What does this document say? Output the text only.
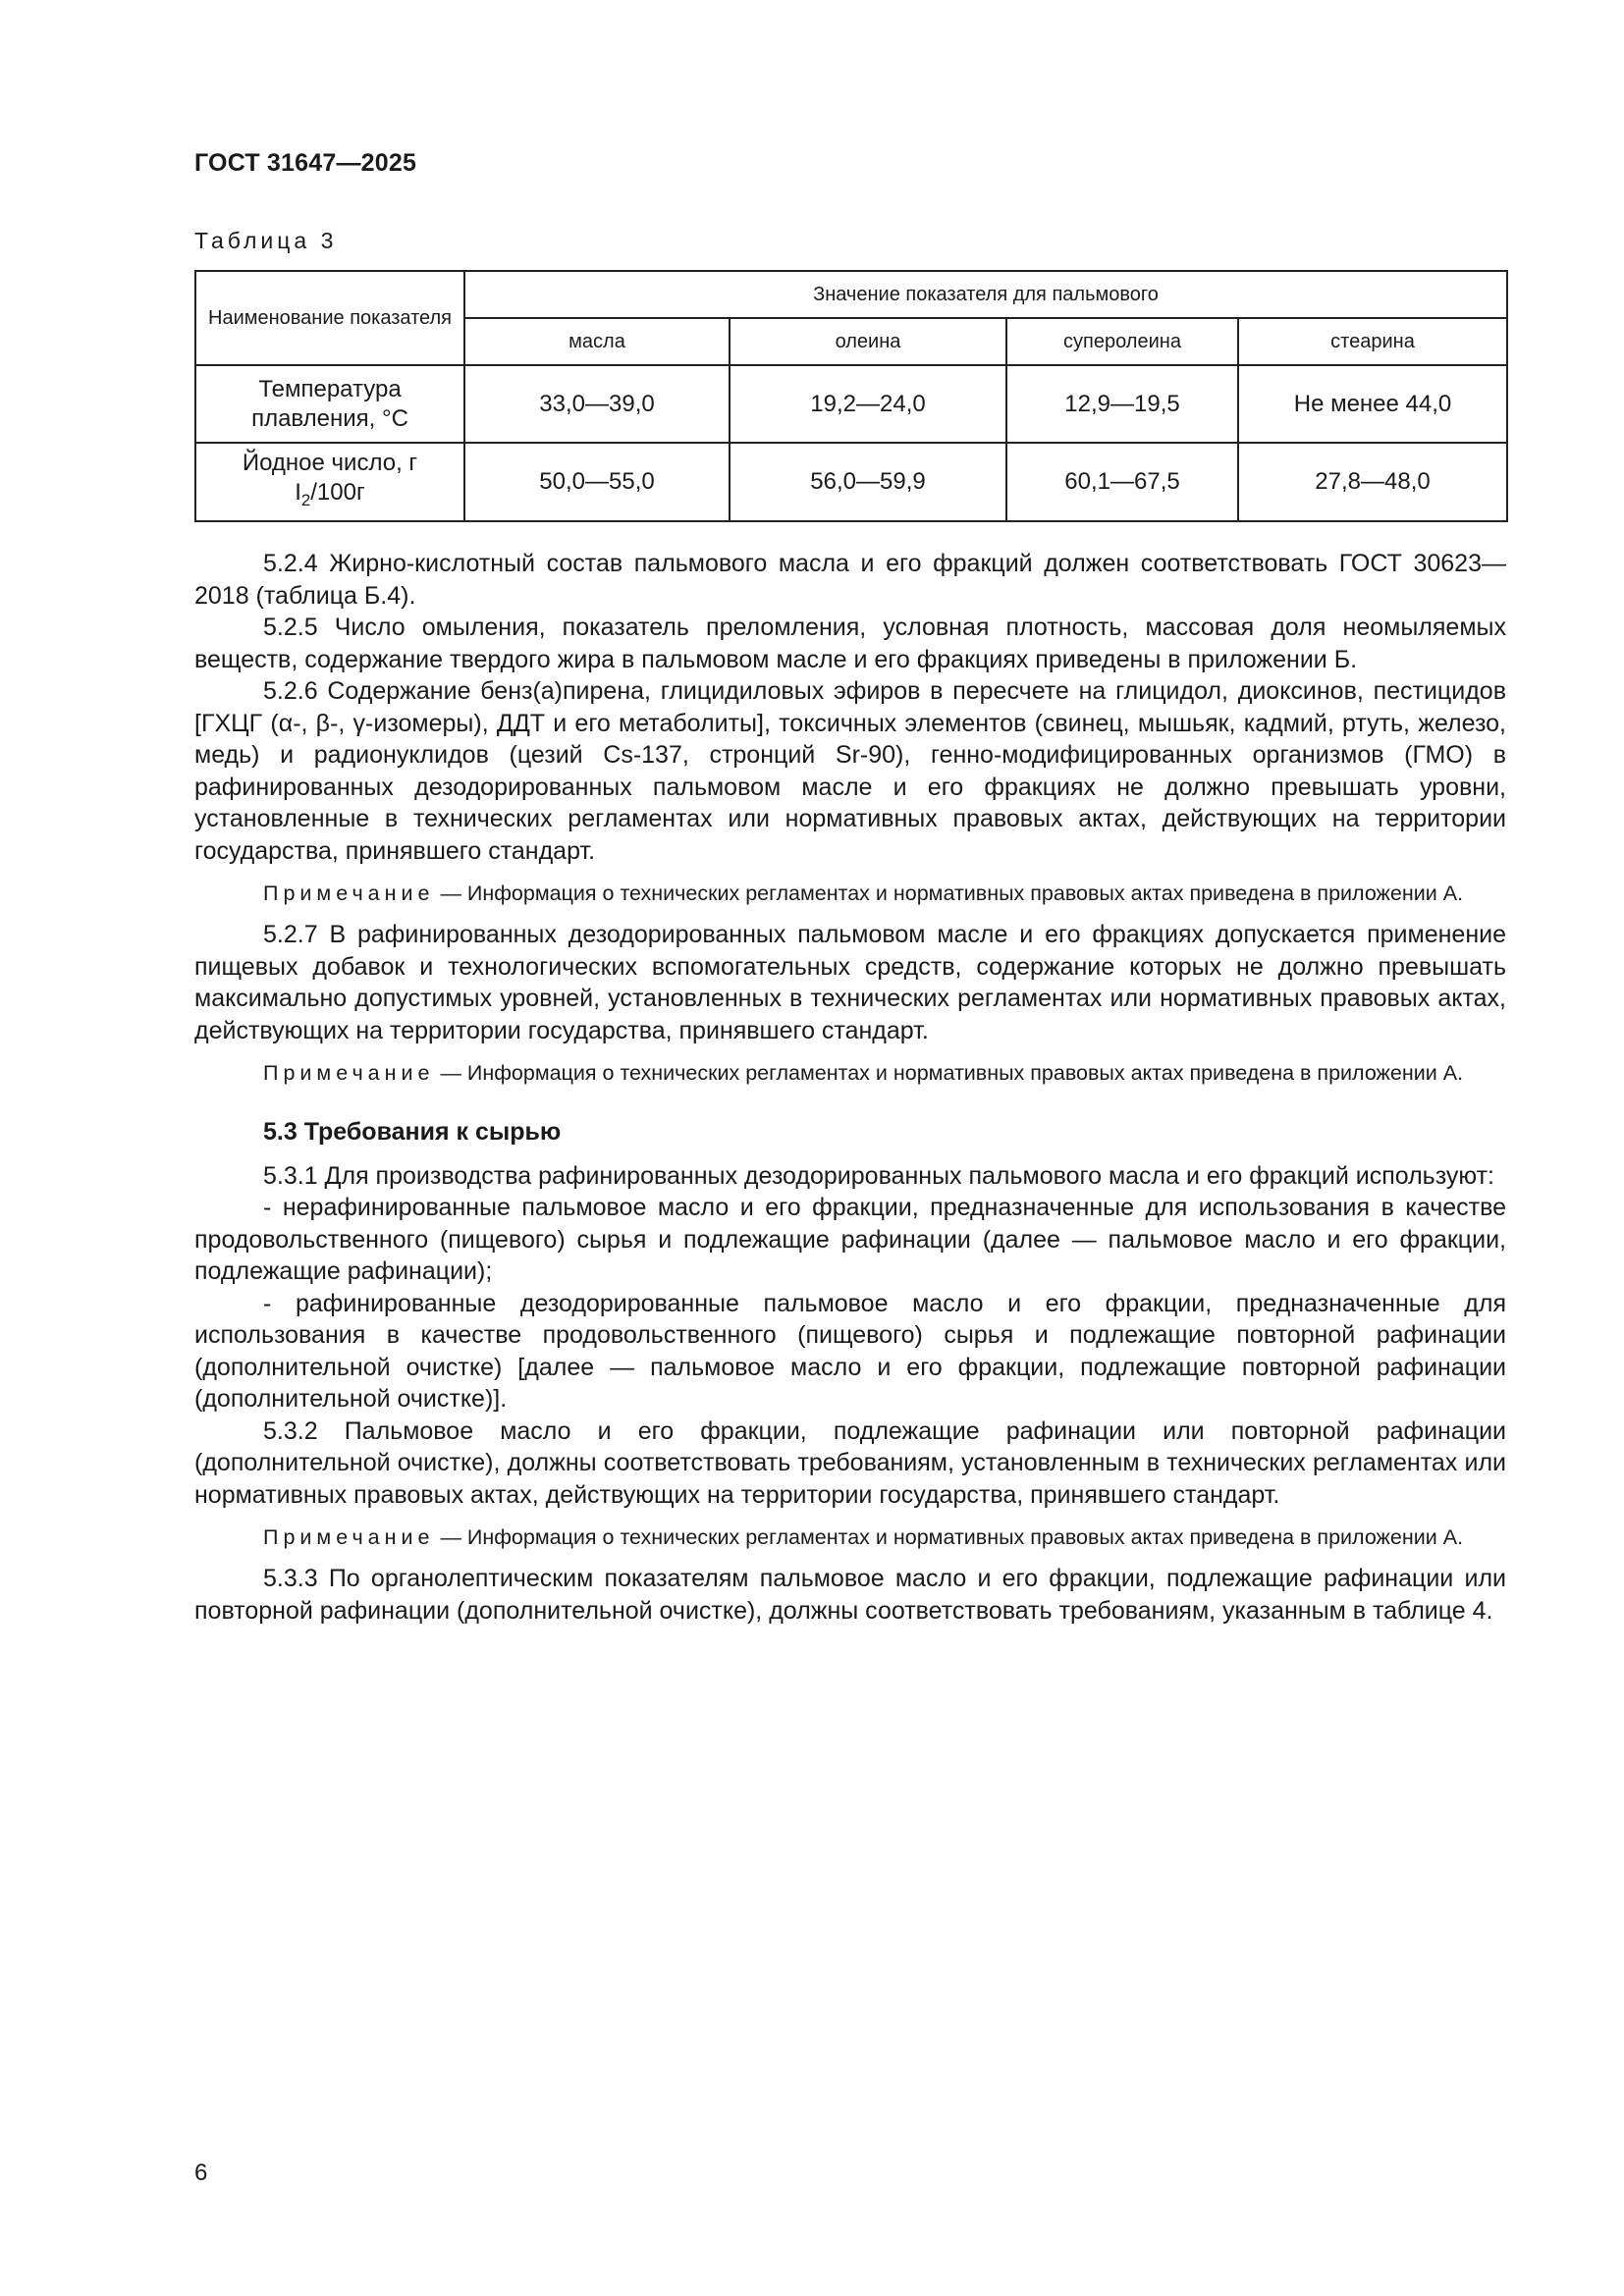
ГОСТ 31647—2025
Таблица 3
Наименование показателя	Значение показателя для пальмового			
	масла	олеина	суперолеина	стеарина
Температура плавления, °C	33,0—39,0	19,2—24,0	12,9—19,5	Не менее 44,0
Йодное число, г
$I_2/100г$	50,0—55,0	56,0—59,9	60,1—67,5	27,8—48,0

5.2.4 Жирно-кислотный состав пальмового масла и его фракций должен соответствовать ГОСТ 30623—2018 (таблица Б.4).

5.2.5 Число омыления, показатель преломления, условная плотность, массовая доля неомыляемых веществ, содержание твердого жира в пальмовом масле и его фракциях приведены в приложении Б.

5.2.6 Содержание бенз(а)пирена, глицидиловых эфиров в пересчете на глицидол, диоксинов, пестицидов [ГХЦГ (α-, β-, γ-изомеры), ДДТ и его метаболиты], токсичных элементов (свинец, мышьяк, кадмий, ртуть, железо, медь) и радионуклидов (цезий Cs-137, стронций Sr-90), генно-модифицированных организмов (ГМО) в рафинированных дезодорированных пальмовом масле и его фракциях не должно превышать уровни, установленные в технических регламентах или нормативных правовых актах, действующих на территории государства, принявшего стандарт.

Примечание — Информация о технических регламентах и нормативных правовых актах приведена в приложении А.

5.2.7 В рафинированных дезодорированных пальмовом масле и его фракциях допускается применение пищевых добавок и технологических вспомогательных средств, содержание которых не должно превышать максимально допустимых уровней, установленных в технических регламентах или нормативных правовых актах, действующих на территории государства, принявшего стандарт.

Примечание — Информация о технических регламентах и нормативных правовых актах приведена в приложении А.

5.3 Требования к сырью

5.3.1 Для производства рафинированных дезодорированных пальмового масла и его фракций используют:

- нерафинированные пальмовое масло и его фракции, предназначенные для использования в качестве продовольственного (пищевого) сырья и подлежащие рафинации (далее — пальмовое масло и его фракции, подлежащие рафинации);

- рафинированные дезодорированные пальмовое масло и его фракции, предназначенные для использования в качестве продовольственного (пищевого) сырья и подлежащие повторной рафинации (дополнительной очистке) [далее — пальмовое масло и его фракции, подлежащие повторной рафинации (дополнительной очистке)].

5.3.2 Пальмовое масло и его фракции, подлежащие рафинации или повторной рафинации (дополнительной очистке), должны соответствовать требованиям, установленным в технических регламентах или нормативных правовых актах, действующих на территории государства, принявшего стандарт.

Примечание — Информация о технических регламентах и нормативных правовых актах приведена в приложении А.

5.3.3 По органолептическим показателям пальмовое масло и его фракции, подлежащие рафинации или повторной рафинации (дополнительной очистке), должны соответствовать требованиям, указанным в таблице 4.

6
